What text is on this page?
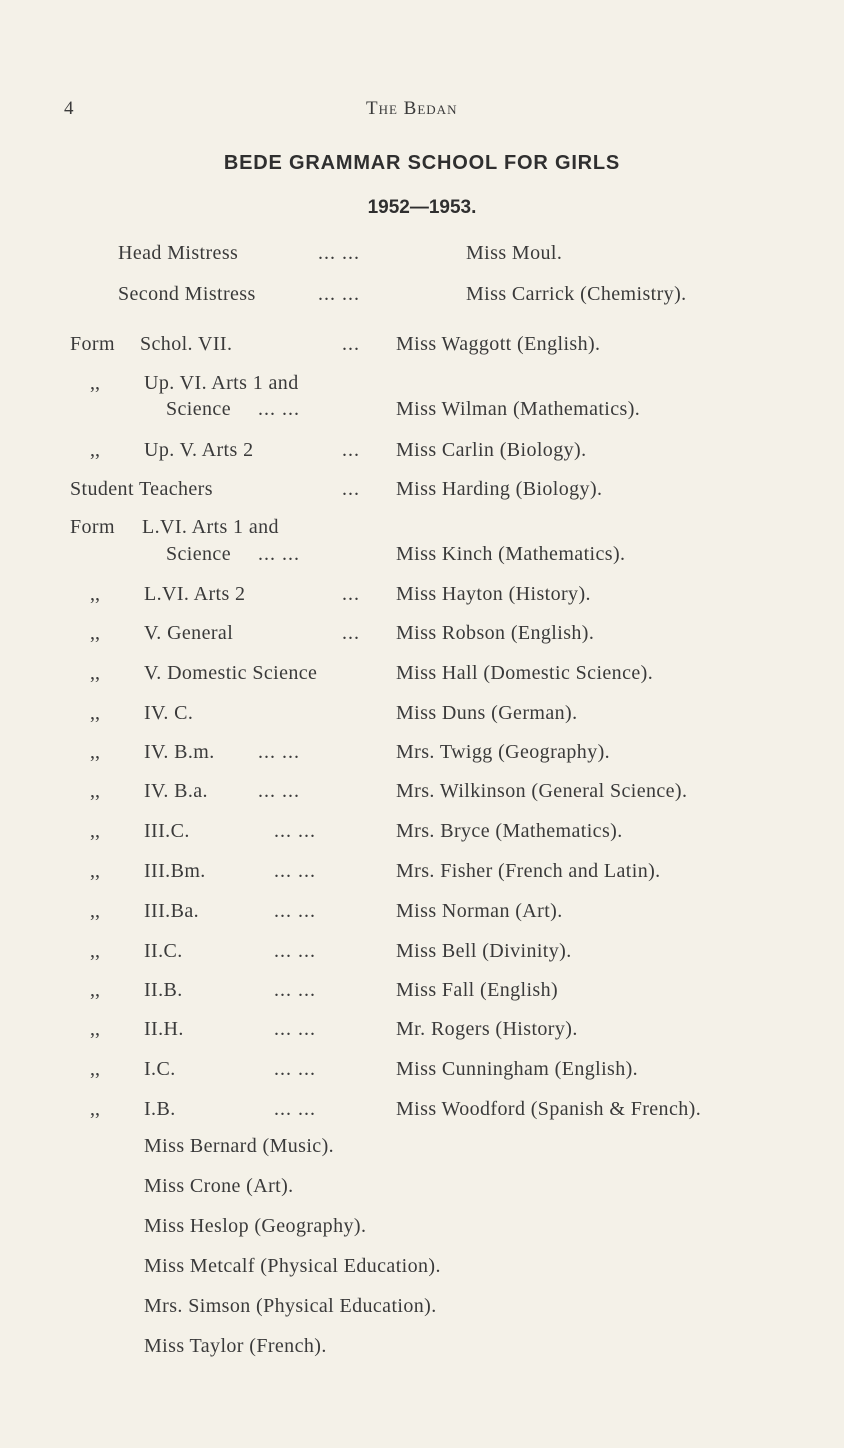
4	The Bedan
BEDE GRAMMAR SCHOOL FOR GIRLS
1952—1953.
Head Mistress	... ...	Miss Moul.
Second Mistress	... ...	Miss Carrick (Chemistry).
Form Schol. VII.	... Miss Waggott (English).
,, Up. VI. Arts 1 and
Science ... ...	Miss Wilman (Mathematics).
,, Up. V. Arts 2	... Miss Carlin (Biology).
Student Teachers	... Miss Harding (Biology).
Form L.VI. Arts 1 and
Science ... ...	Miss Kinch (Mathematics).
,, L.VI. Arts 2	... Miss Hayton (History).
,, V. General	... Miss Robson (English).
,, V. Domestic Science	Miss Hall (Domestic Science).
,, IV. C.	Miss Duns (German).
,, IV. B.m. ... ...	Mrs. Twigg (Geography).
,, IV. B.a.	... ...	Mrs. Wilkinson (General Science).
,, III.C.	... ...	Mrs. Bryce (Mathematics).
,, III.Bm.	... ...	Mrs. Fisher (French and Latin).
,, III.Ba.	... ...	Miss Norman (Art).
,, II.C.	... ...	Miss Bell (Divinity).
,, II.B.	... ...	Miss Fall (English)
,, II.H.	... ...	Mr. Rogers (History).
,, I.C.	... ...	Miss Cunningham (English).
,, I.B.	... ...	Miss Woodford (Spanish & French).
Miss Bernard (Music).
Miss Crone (Art).
Miss Heslop (Geography).
Miss Metcalf (Physical Education).
Mrs. Simson (Physical Education).
Miss Taylor (French).
